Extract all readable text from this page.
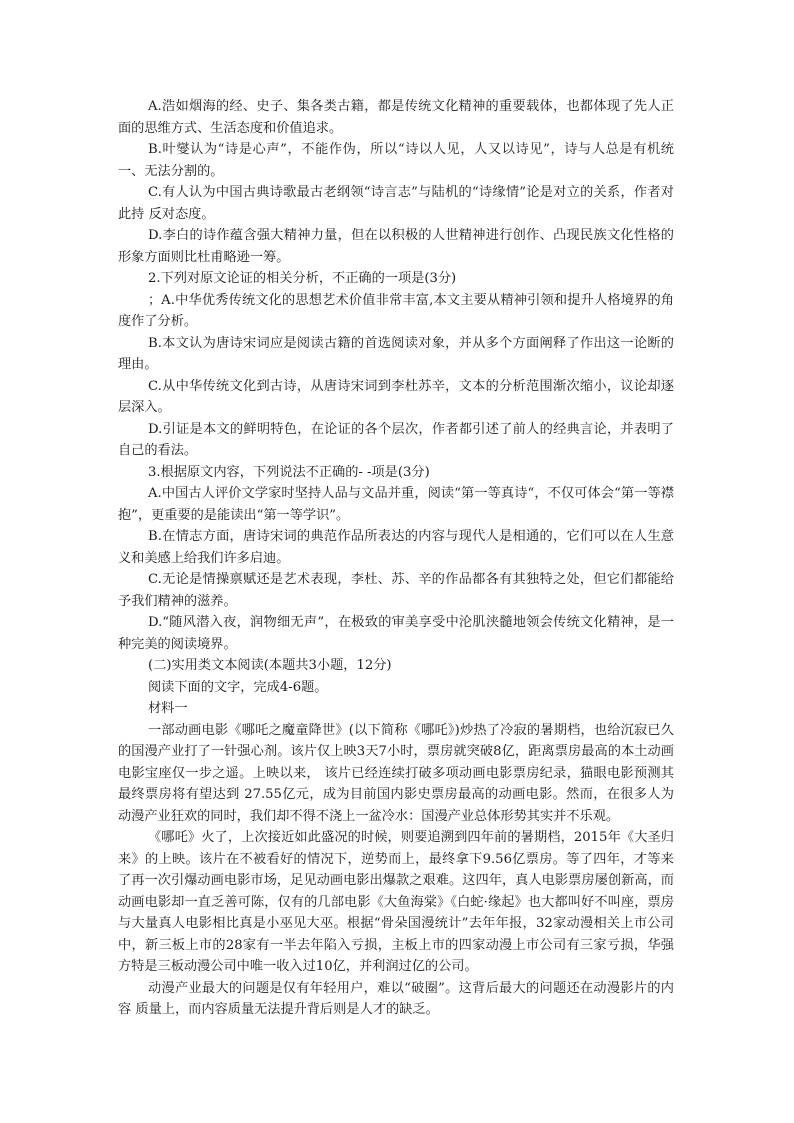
A.浩如烟海的经、史子、集各类古籍，都是传统文化精神的重要载体，也都体现了先人正面的思维方式、生活态度和价值追求。

B.叶燮认为“诗是心声”，不能作伪，所以“诗以人见，人又以诗见”，诗与人总是有机统一、无法分割的。

C.有人认为中国古典诗歌最古老纲领“诗言志”与陆机的“诗缘情”论是对立的关系，作者对此持 反对态度。

D.李白的诗作蕴含强大精神力量，但在以积极的人世精神进行创作、凸现民族文化性格的形象方面则比杜甫略逊一筹。

2.下列对原文论证的相关分析，不正确的一项是(3分)

；A.中华优秀传统文化的思想艺术价值非常丰富,本文主要从精神引领和提升人格境界的角度作了分析。

B.本文认为唐诗宋词应是阅读古籍的首选阅读对象，并从多个方面阐释了作出这一论断的理由。

C.从中华传统文化到古诗，从唐诗宋词到李杜苏辛，文本的分析范围渐次缩小，议论却逐层深入。

D.引证是本文的鲜明特色，在论证的各个层次，作者都引述了前人的经典言论，并表明了自己的看法。

3.根据原文内容，下列说法不正确的- -项是(3分)

A.中国古人评价文学家时坚持人品与文品并重，阅读“第一等真诗“，不仅可体会“第一等襟抱”，更重要的是能读出“第一等学识”。

B.在情志方面，唐诗宋词的典范作品所表达的内容与现代人是相通的，它们可以在人生意义和美感上给我们许多启迪。

C.无论是情操禀赋还是艺术表现，李杜、苏、辛的作品都各有其独特之处，但它们都能给予我们精神的滋养。

D.“随风潜入夜，润物细无声”，在极致的审美享受中沦肌浃髓地领会传统文化精神，是一种完美的阅读境界。

(二)实用类文本阅读(本题共3小题，12分)

阅读下面的文字，完成4-6题。

材料一

一部动画电影《哪吒之魔童降世》(以下简称《哪吒》)炒热了冷寂的暑期档，也给沉寂已久的国漫产业打了一针强心剂。该片仅上映3天7小时，票房就突破8亿，距离票房最高的本土动画电影宝座仅一步之遥。上映以来， 该片已经连续打破多项动画电影票房纪录，猫眼电影预测其最终票房将有望达到 27.55亿元，成为目前国内影史票房最高的动画电影。然而，在很多人为动漫产业狂欢的同时，我们却不得不浇上一盆冷水：国漫产业总体形势其实并不乐观。

《哪吒》火了，上次接近如此盛况的时候，则要追溯到四年前的暑期档，2015年《大圣归来》的上映。该片在不被看好的情况下，逆势而上，最终拿下9.56亿票房。等了四年，才等来了再一次引爆动画电影市场，足见动画电影出爆款之艰难。这四年，真人电影票房屡创新高，而动画电影却一直乏善可陈，仅有的几部电影《大鱼海棠》《白蛇·缘起》也大都叫好不叫座，票房与大量真人电影相比真是小巫见大巫。根据“骨朵国漫统计”去年年报，32家动漫相关上市公司中，新三板上市的28家有一半去年陷入亏损，主板上市的四家动漫上市公司有三家亏损，华强方特是三板动漫公司中唯一收入过10亿，并利润过亿的公司。

动漫产业最大的问题是仅有年轻用户，难以“破圈”。这背后最大的问题还在动漫影片的内容 质量上，而内容质量无法提升背后则是人才的缺乏。
